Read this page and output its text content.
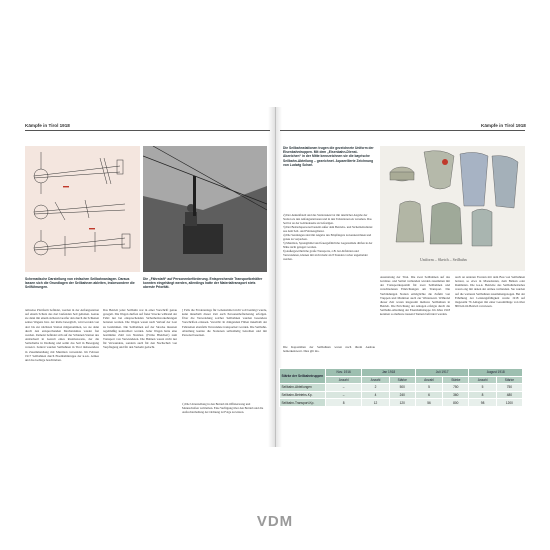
Kämpfe in Tirol 1918	Kämpfe in Tirol 1918
Schematische Darstellung von einfachen Seilbahnanlagen. Daraus lassen sich die Grundlagen der Seilbahnen ableiten, insbesondere die Seilführungen.
Die „Fährstaft“ auf Personenbeförderung. Entsprechende Transportbehälter konnten eingehängt werden, allerdings hatte der Materialtransport stets oberste Priorität.
teilweise Plattform befindet, werden in der Anfangsstation auf einem Schutz des dort laufenden Seil gehoben. Genau sie dann mit einem sicheren Greifer den durch die Schienen seines Wagens bzw. der Rolle beweglich, wird werden von dort bis zur nächsten Station mitgenommen, wo sie dann durch den entsprechenden Mechanismus wieder frei werden. Zumeist befindet sich auf der Schienen Station des Antriebseil in Gestalt eines Rostmotorens, der die Seilscheibe in Drehung und somit das Seil in Bewegung versetzt. Zentral wurden Seilbahnen in Tirol insbesondere in Zusammenhang mit Munition verwendet. Im Februar 1917 Seilbahnen durch Eisenbahntruppe der k.u.k. Armee und das Gebirge beschrieben.
Das Betrieb jeder Seilbahn war in einer Vorschrift genau geregelt. Die Wagen durften auf freier Strecke während der Fahrt nur bei entsprechenden Sicherheitsvorkehrungen betreten werden. Die Wagen waren nach Verlauf der Last zu bestimmen. Die Seilbahnen auf der Strecke mussten regelmäßig kontrolliert werden. Jeder Wagen hatte eine bestimmte Zahl von Nutzlast. (Firma Bleichert) zum Transport von Verwundeten. Die Bahnen waren nicht nur für Verwundete, sondern auch für den Nachschub von Verpflegung und für den Verkehr gedacht.
] Falls die Förderanlage für Lebensmittel nicht voll benötigt wurde, kann innerhalb dieser Zeit auch Personenbeförderung erfolgen. Über die Verwendung solcher Seilbahnen wurden besondere Vorschriften erlassen. Vorsicht: In dringenden Fällen innerhalb der Fahrzeiten ebenfalls Verwundete transportiert werden. Die Seilbahn-Abteilung konnte die Stationen selbständig betreiben und mit Personal besetzen.
1) Die Unterstellung in den Betrieb im Offiziersrang und Mannschaften verbleiben. Eine Verfügung über den Betrieb und die Aufrechterhaltung der Ordnung ist Folge zu leisten.
Die Seilbahnstationen trugen die gezeichnete Uniform der Eisenbahntruppen. Mit dem „Eisenbahn-Dienst-Abzeichen“ in der Mitte kennzeichnen sie die bayrische Seilbahn-Abteilung – gezeichnet. Aquarellierte Zeichnung von Ludwig Scharl.
2) Der Ankunftsteil und das Stationsnetz ist mit deutlicher Angabe der Station zu den Anfangsstationen und in den Talstationen zu versehen. Das Seil ist an der Gebäudeseite zu befestigen.
3) Der Betriebspersonal besteht außer dem Betriebs- und Sicherheitsdienst aus dem Seil- und Fahrzeugdienst.
4) Die Sendungen sind mit Angabe des Empfängers zu kennzeichnen und genau zu verpacken.
5) Munition, Sprengmittel und feuergefährliche Gegenstände dürfen in der Nähe nicht gelagert werden.
6) Außergewöhnliche große Transporte, z.B. bei Abfahrten und Verwundeten, können mit nicht mehr als 8 Stunden vorher angemeldet werden.	Uniform – Sketch – Seilbahn
Ausstattung der Tirol. Die zwei Seilbahnen auf das Grödner- und Seiltal verbunden wurden zusammen mit der Transportkapazität für zwei Seilbahnen und verschiedenen Einrichtungen am Transport. Die Verbindungen Station ermöglichte die Zufuhr von Truppen und Munition auch zur Winterszeit. Während dieser Zeit waren insgesamt mehrere Seilbahnen in Betrieb. Die Errichtung der Anlagen erfolgte durch die Seilbahn-Abteilung der Eisenbahntruppe. Im Jahre 1918 konnten so mehrere tausend Tonnen befördert werden.
auch an anderen Fronten mit dem Bau von Seilbahnen betraut, so etwa in Mazedonien, dem Balkan oder Rumänien. Die k.u.k. Betriebe des Seilbahnbetriebes waren eng mit denen der Armee verbunden. Sie wurden auf die weiteren Seilbahnen zusammengezogen. Bei der Erhöhung der Leistungsfähigkeit wurde 1918 auf insgesamt 76 Anlagen mit einer Gesamtlänge von über 800 km im Betrieb verwiesen.
Die Kapazitäten der Seilbahnen waren nach ihrem Ausbau bemerkenswert. Dies gilt ins-
Stärke der Seilbahntruppen	Nov. 1916	Jan 1918		Juli 1917		August 1918	
	Anzahl	Anzahl	Stärke	Anzahl	Stärke	Anzahl	Stärke
Seilbahn-Abteilungen	–	2	500	5	750	5	750
Seilbahn-Betriebs-Kp.	–	4	240	6	360	8	480
Seilbahn-Transport-Kp.	8	12	120	56	800	98	1200
VDM
